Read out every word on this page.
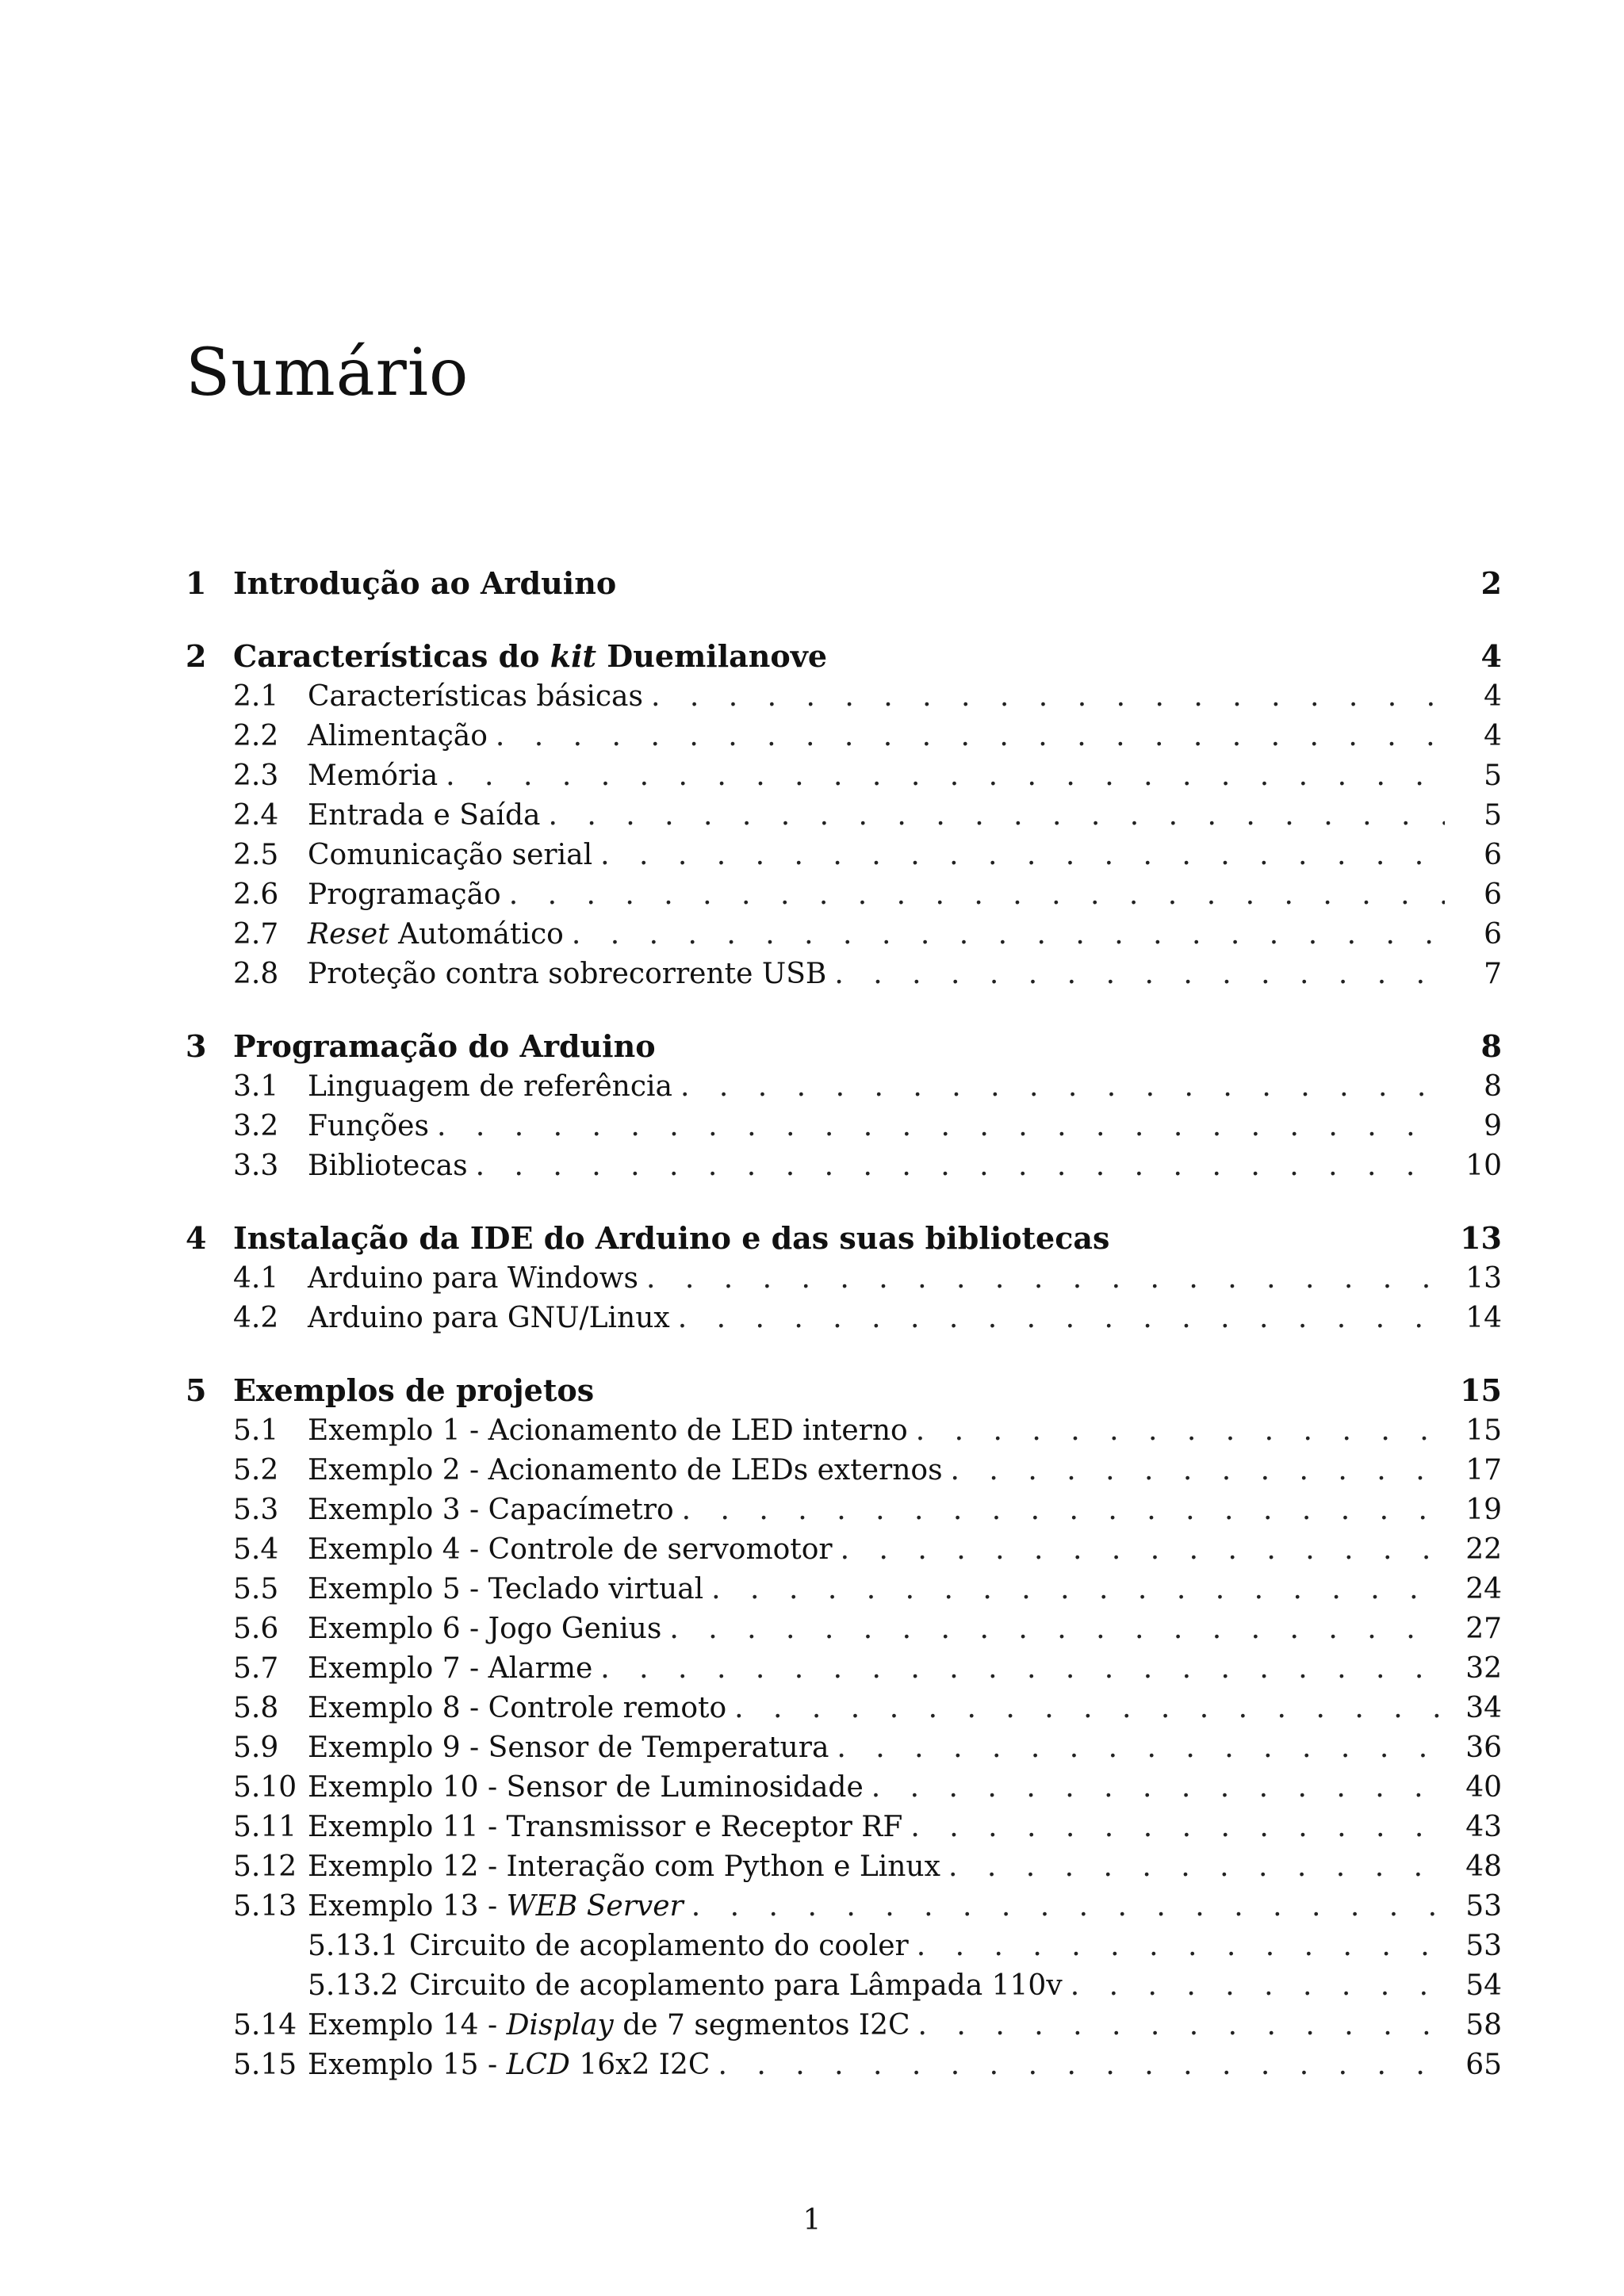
Sumário
1 Introdução ao Arduino	2
2 Características do kit Duemilanove	4
2.1	Características básicas . . .	4
2.2	Alimentação . . .	4
2.3	Memória . . .	5
2.4	Entrada e Saída . . .	5
2.5	Comunicação serial . . .	6
2.6	Programação . . .	6
2.7	Reset Automático . . .	6
2.8	Proteção contra sobrecorrente USB . . .	7
3 Programação do Arduino	8
3.1	Linguagem de referência . . .	8
3.2	Funções . . .	9
3.3	Bibliotecas . . .	10
4 Instalação da IDE do Arduino e das suas bibliotecas	13
4.1	Arduino para Windows . . .	13
4.2	Arduino para GNU/Linux . . .	14
5 Exemplos de projetos	15
5.1	Exemplo 1 - Acionamento de LED interno . . .	15
5.2	Exemplo 2 - Acionamento de LEDs externos . . .	17
5.3	Exemplo 3 - Capacímetro . . .	19
5.4	Exemplo 4 - Controle de servomotor . . .	22
5.5	Exemplo 5 - Teclado virtual . . .	24
5.6	Exemplo 6 - Jogo Genius . . .	27
5.7	Exemplo 7 - Alarme . . .	32
5.8	Exemplo 8 - Controle remoto . . .	34
5.9	Exemplo 9 - Sensor de Temperatura . . .	36
5.10 Exemplo 10 - Sensor de Luminosidade . . .	40
5.11 Exemplo 11 - Transmissor e Receptor RF . . .	43
5.12 Exemplo 12 - Interação com Python e Linux . . .	48
5.13 Exemplo 13 - WEB Server . . .	53
5.13.1 Circuito de acoplamento do cooler . . .	53
5.13.2 Circuito de acoplamento para Lâmpada 110v . . .	54
5.14 Exemplo 14 - Display de 7 segmentos I2C . . .	58
5.15 Exemplo 15 - LCD 16x2 I2C . . .	65
1
